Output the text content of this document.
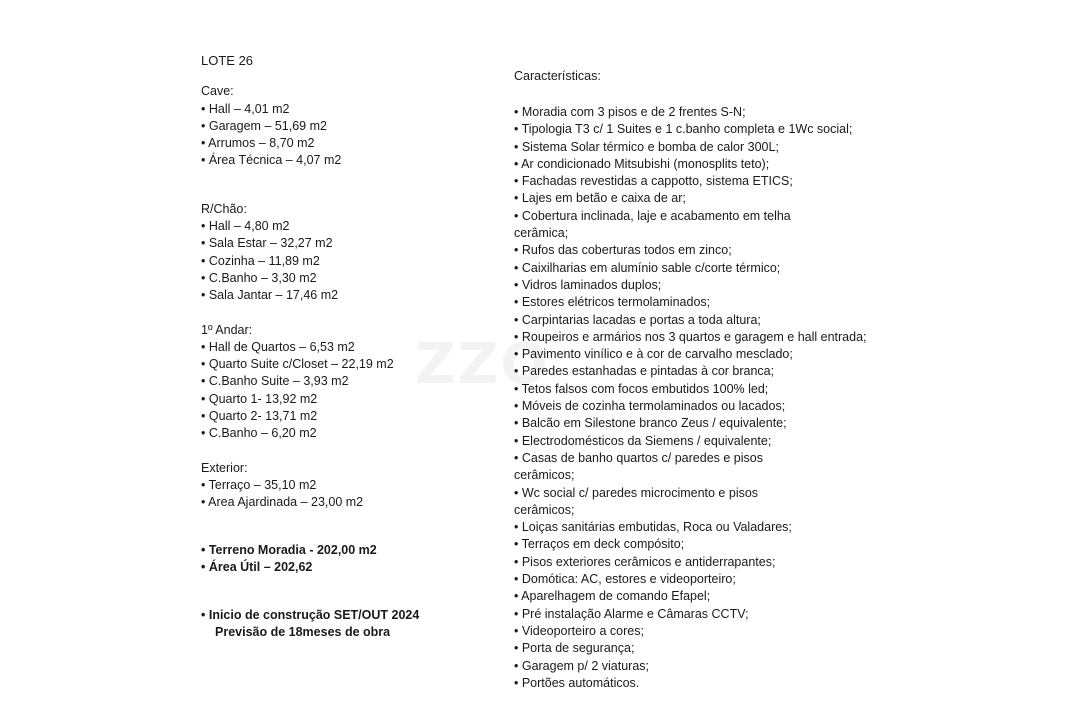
ZZO
LOTE 26
Cave:
• Hall – 4,01 m2
• Garagem – 51,69 m2
• Arrumos – 8,70 m2
• Área Técnica – 4,07 m2
R/Chão:
• Hall – 4,80 m2
• Sala Estar – 32,27 m2
• Cozinha – 11,89 m2
• C.Banho – 3,30 m2
• Sala Jantar – 17,46 m2
1º Andar:
• Hall de Quartos – 6,53 m2
• Quarto Suite c/Closet – 22,19 m2
• C.Banho Suite – 3,93 m2
• Quarto 1- 13,92 m2
• Quarto 2- 13,71 m2
• C.Banho – 6,20 m2
Exterior:
• Terraço – 35,10 m2
• Area Ajardinada – 23,00 m2
• Terreno Moradia - 202,00 m2
• Área Útil – 202,62
• Inicio de construção SET/OUT 2024
Previsão de 18meses de obra
Características:
• Moradia com 3 pisos e de 2 frentes S-N;
• Tipologia T3 c/ 1 Suites e 1 c.banho completa e 1Wc social;
• Sistema Solar térmico e bomba de calor 300L;
• Ar condicionado Mitsubishi (monosplits teto);
• Fachadas revestidas a cappotto, sistema ETICS;
• Lajes em betão e caixa de ar;
• Cobertura inclinada, laje e acabamento em telha
cerâmica;
• Rufos das coberturas todos em zinco;
• Caixilharias em alumínio sable c/corte térmico;
• Vidros laminados duplos;
• Estores elétricos termolaminados;
• Carpintarias lacadas e portas a toda altura;
• Roupeiros e armários nos 3 quartos e garagem e hall entrada;
• Pavimento vinílico e à cor de carvalho mesclado;
• Paredes estanhadas e pintadas à cor branca;
• Tetos falsos com focos embutidos 100% led;
• Móveis de cozinha termolaminados ou lacados;
• Balcão em Silestone branco Zeus / equivalente;
• Electrodomésticos da Siemens / equivalente;
• Casas de banho quartos c/ paredes e pisos
cerâmicos;
• Wc social c/ paredes microcimento e pisos
cerâmicos;
• Loiças sanitárias embutidas, Roca ou Valadares;
• Terraços em deck compósito;
• Pisos exteriores cerâmicos e antiderrapantes;
• Domótica: AC, estores e videoporteiro;
• Aparelhagem de comando Efapel;
• Pré instalação Alarme e Câmaras CCTV;
• Videoporteiro a cores;
• Porta de segurança;
• Garagem p/ 2 viaturas;
• Portões automáticos.
